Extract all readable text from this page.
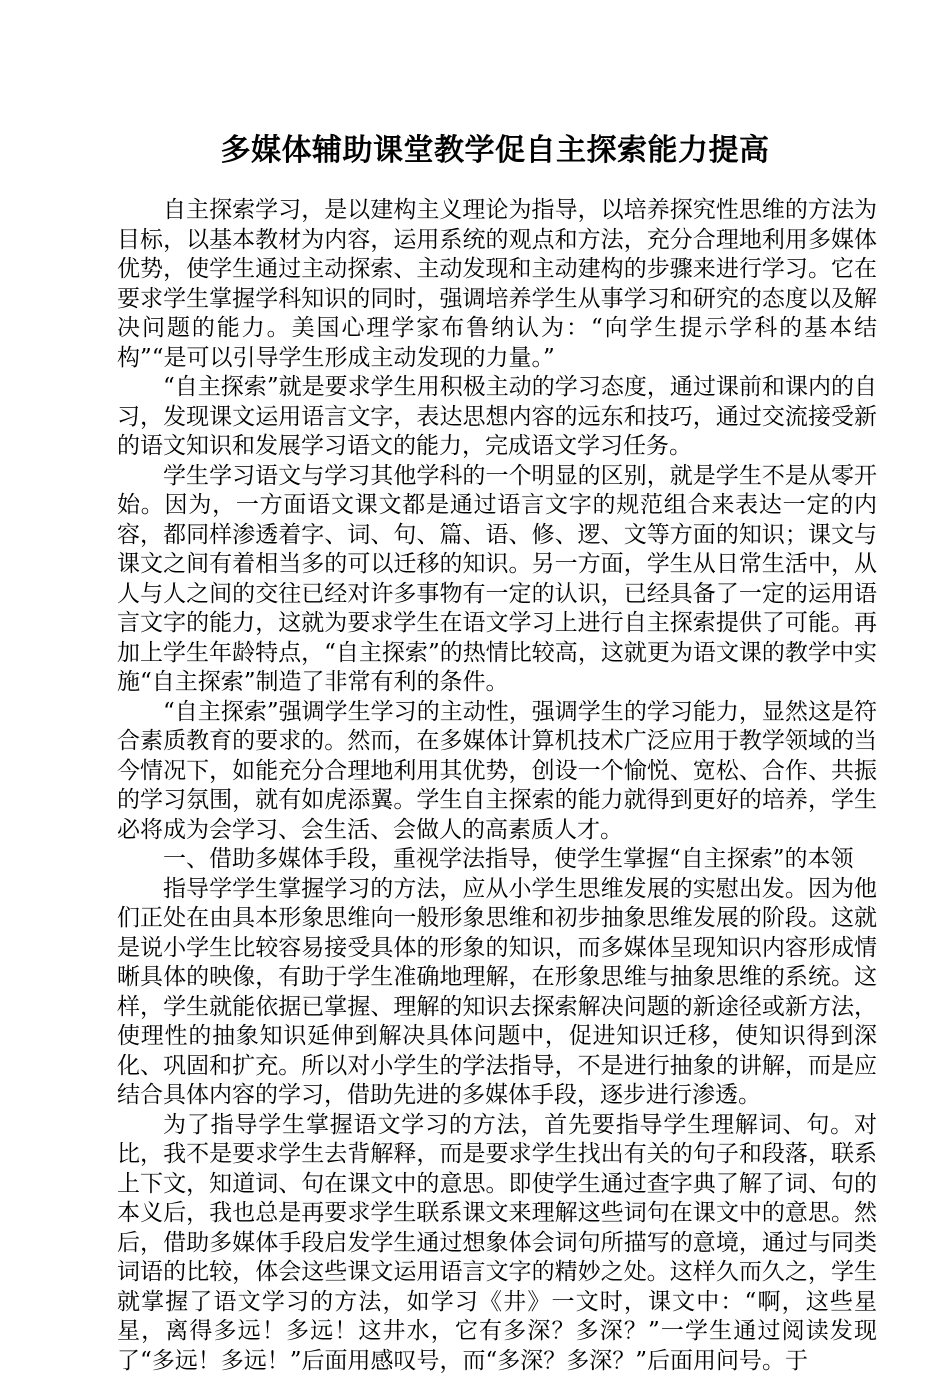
多媒体辅助课堂教学促自主探索能力提高

自主探索学习，是以建构主义理论为指导，以培养探究性思维的方法为目标，以基本教材为内容，运用系统的观点和方法，充分合理地利用多媒体优势，使学生通过主动探索、主动发现和主动建构的步骤来进行学习。它在要求学生掌握学科知识的同时，强调培养学生从事学习和研究的态度以及解决问题的能力。美国心理学家布鲁纳认为：“向学生提示学科的基本结构”“是可以引导学生形成主动发现的力量。”

“自主探索”就是要求学生用积极主动的学习态度，通过课前和课内的自习，发现课文运用语言文字，表达思想内容的远东和技巧，通过交流接受新的语文知识和发展学习语文的能力，完成语文学习任务。

学生学习语文与学习其他学科的一个明显的区别，就是学生不是从零开始。因为，一方面语文课文都是通过语言文字的规范组合来表达一定的内容，都同样渗透着字、词、句、篇、语、修、逻、文等方面的知识；课文与课文之间有着相当多的可以迁移的知识。另一方面，学生从日常生活中，从人与人之间的交往已经对许多事物有一定的认识，已经具备了一定的运用语言文字的能力，这就为要求学生在语文学习上进行自主探索提供了可能。再加上学生年龄特点，“自主探索”的热情比较高，这就更为语文课的教学中实施“自主探索”制造了非常有利的条件。

“自主探索”强调学生学习的主动性，强调学生的学习能力，显然这是符合素质教育的要求的。然而，在多媒体计算机技术广泛应用于教学领域的当今情况下，如能充分合理地利用其优势，创设一个愉悦、宽松、合作、共振的学习氛围，就有如虎添翼。学生自主探索的能力就得到更好的培养，学生必将成为会学习、会生活、会做人的高素质人才。

一、借助多媒体手段，重视学法指导，使学生掌握“自主探索”的本领

指导学学生掌握学习的方法，应从小学生思维发展的实慰出发。因为他们正处在由具本形象思维向一般形象思维和初步抽象思维发展的阶段。这就是说小学生比较容易接受具体的形象的知识，而多媒体呈现知识内容形成情晰具体的映像，有助于学生准确地理解，在形象思维与抽象思维的系统。这样，学生就能依据已掌握、理解的知识去探索解决问题的新途径或新方法，使理性的抽象知识延伸到解决具体问题中，促进知识迁移，使知识得到深化、巩固和扩充。所以对小学生的学法指导，不是进行抽象的讲解，而是应结合具体内容的学习，借助先进的多媒体手段，逐步进行渗透。

为了指导学生掌握语文学习的方法，首先要指导学生理解词、句。对比，我不是要求学生去背解释，而是要求学生找出有关的句子和段落，联系上下文，知道词、句在课文中的意思。即使学生通过查字典了解了词、句的本义后，我也总是再要求学生联系课文来理解这些词句在课文中的意思。然后，借助多媒体手段启发学生通过想象体会词句所描写的意境，通过与同类词语的比较，体会这些课文运用语言文字的精妙之处。这样久而久之，学生就掌握了语文学习的方法，如学习《井》一文时，课文中：“啊，这些星星，离得多远！多远！这井水，它有多深？多深？”一学生通过阅读发现了“多远！多远！”后面用感叹号，而“多深？多深？”后面用问号。于
